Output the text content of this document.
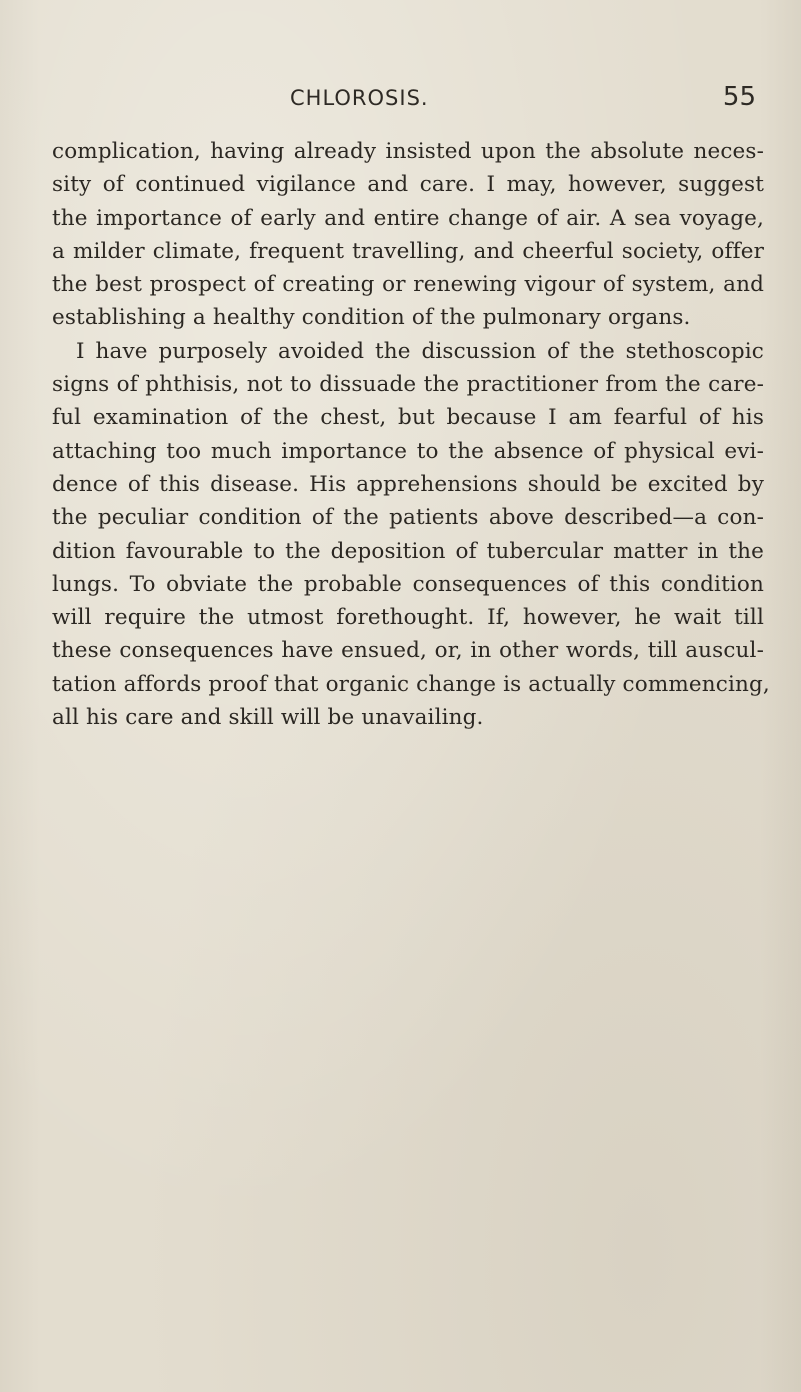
CHLOROSIS.	55
complication, having already insisted upon the absolute neces-
sity of continued vigilance and care. I may, however, suggest
the importance of early and entire change of air. A sea voyage,
a milder climate, frequent travelling, and cheerful society, offer
the best prospect of creating or renewing vigour of system, and
establishing a healthy condition of the pulmonary organs.
I have purposely avoided the discussion of the stethoscopic
signs of phthisis, not to dissuade the practitioner from the care-
ful examination of the chest, but because I am fearful of his
attaching too much importance to the absence of physical evi-
dence of this disease. His apprehensions should be excited by
the peculiar condition of the patients above described—a con-
dition favourable to the deposition of tubercular matter in the
lungs. To obviate the probable consequences of this condition
will require the utmost forethought. If, however, he wait till
these consequences have ensued, or, in other words, till auscul-
tation affords proof that organic change is actually commencing,
all his care and skill will be unavailing.
